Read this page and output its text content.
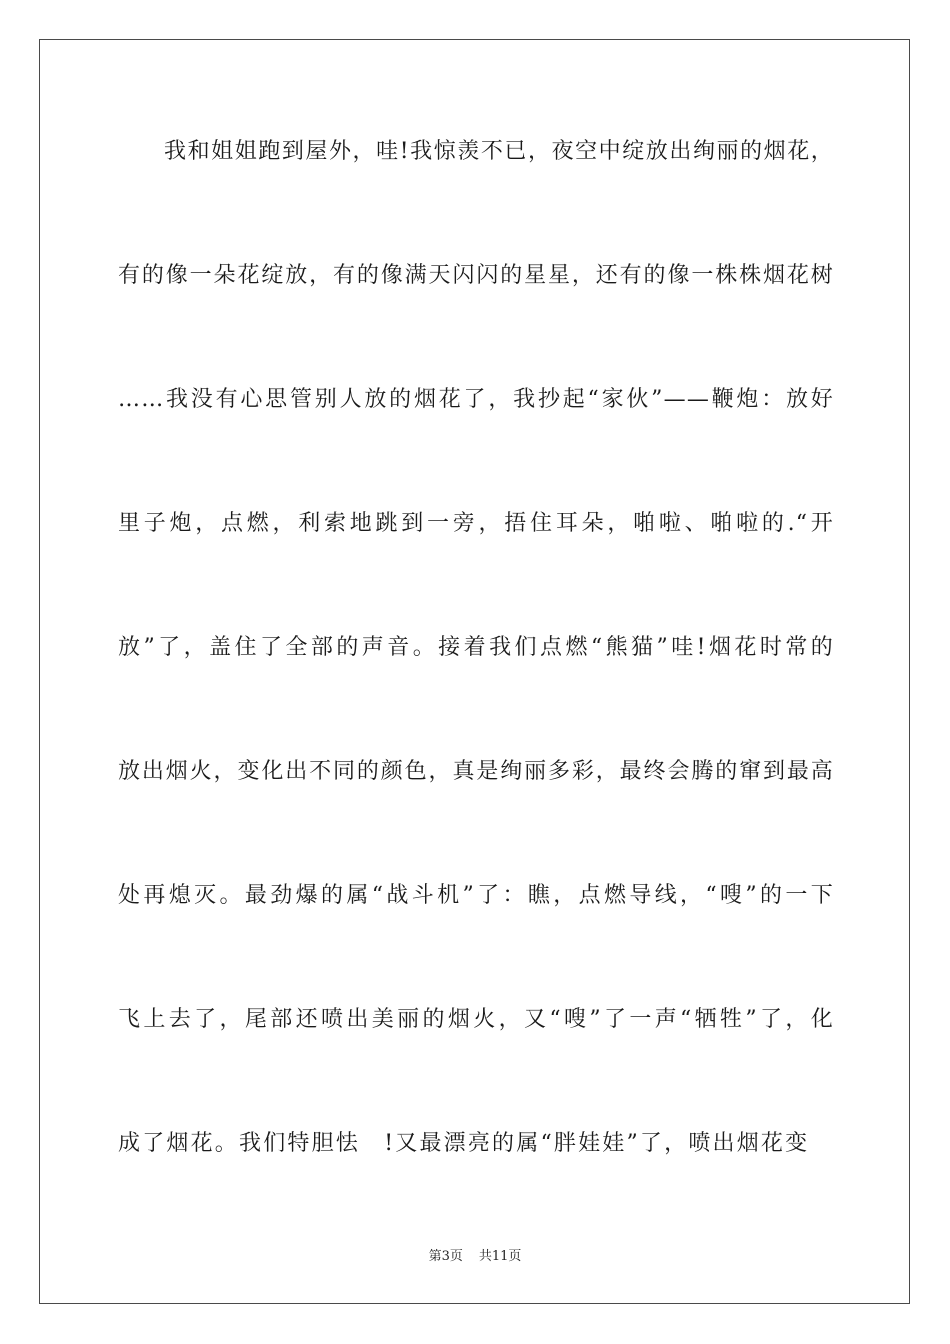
我和姐姐跑到屋外，哇!我惊羡不已，夜空中绽放出绚丽的烟花，
有的像一朵花绽放，有的像满天闪闪的星星，还有的像一株株烟花树
……我没有心思管别人放的烟花了，我抄起“家伙”——鞭炮：放好
里子炮，点燃，利索地跳到一旁，捂住耳朵，啪啦、啪啦的.“开
放”了，盖住了全部的声音。接着我们点燃“熊猫”哇!烟花时常的
放出烟火，变化出不同的颜色，真是绚丽多彩，最终会腾的窜到最高
处再熄灭。最劲爆的属“战斗机”了：瞧，点燃导线，“嗖”的一下
飞上去了，尾部还喷出美丽的烟火，又“嗖”了一声“牺牲”了，化
成了烟花。我们特胆怯　!又最漂亮的属“胖娃娃”了，喷出烟花变
第3页 共11页
